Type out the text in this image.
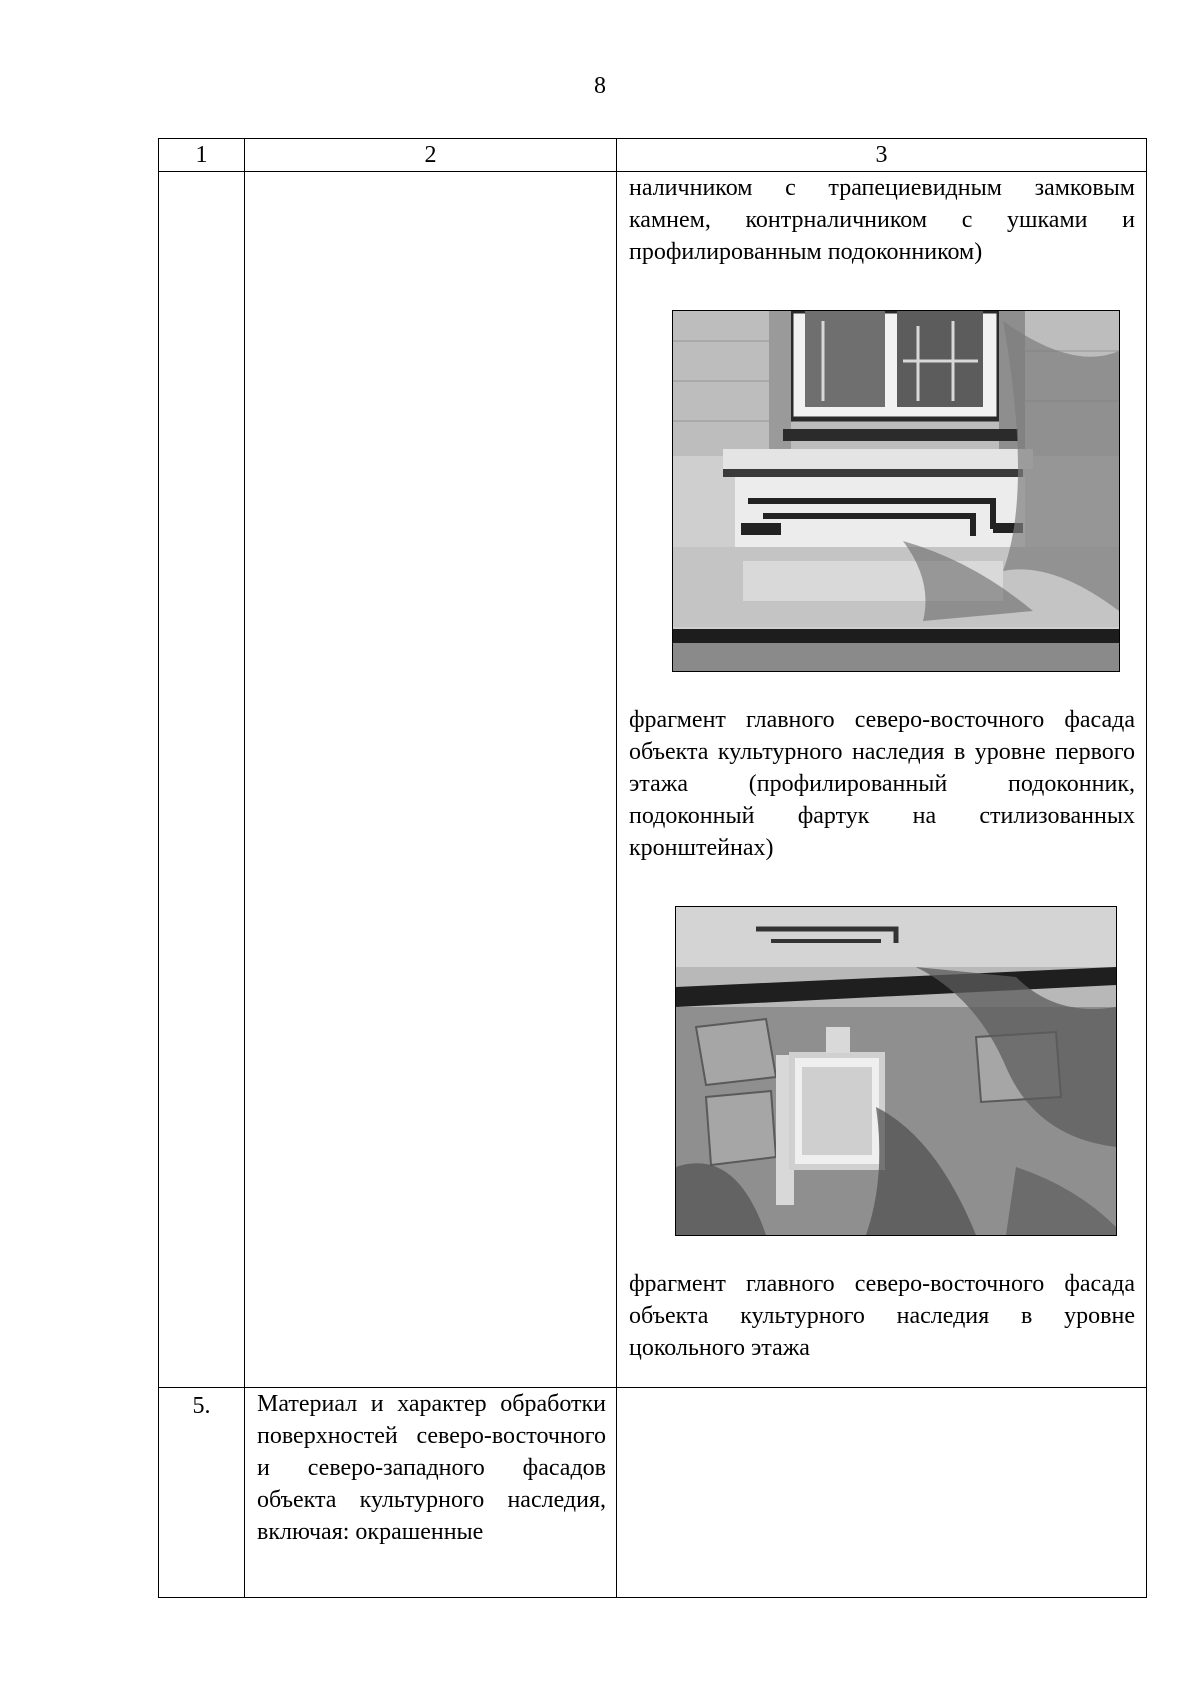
8
1	2	3

		наличником с трапециевидным замковым камнем, контрналичником с ушками и профилированным подоконником)

фрагмент главного северо-восточного фасада объекта культурного наследия в уровне первого этажа (профилированный подоконник, подоконный фартук на стилизованных кронштейнах)

фрагмент главного северо-восточного фасада объекта культурного наследия в уровне цокольного этажа

5.	Материал и характер обработки поверхностей северо-восточного и северо-западного фасадов объекта культурного наследия, включая: окрашенные	
